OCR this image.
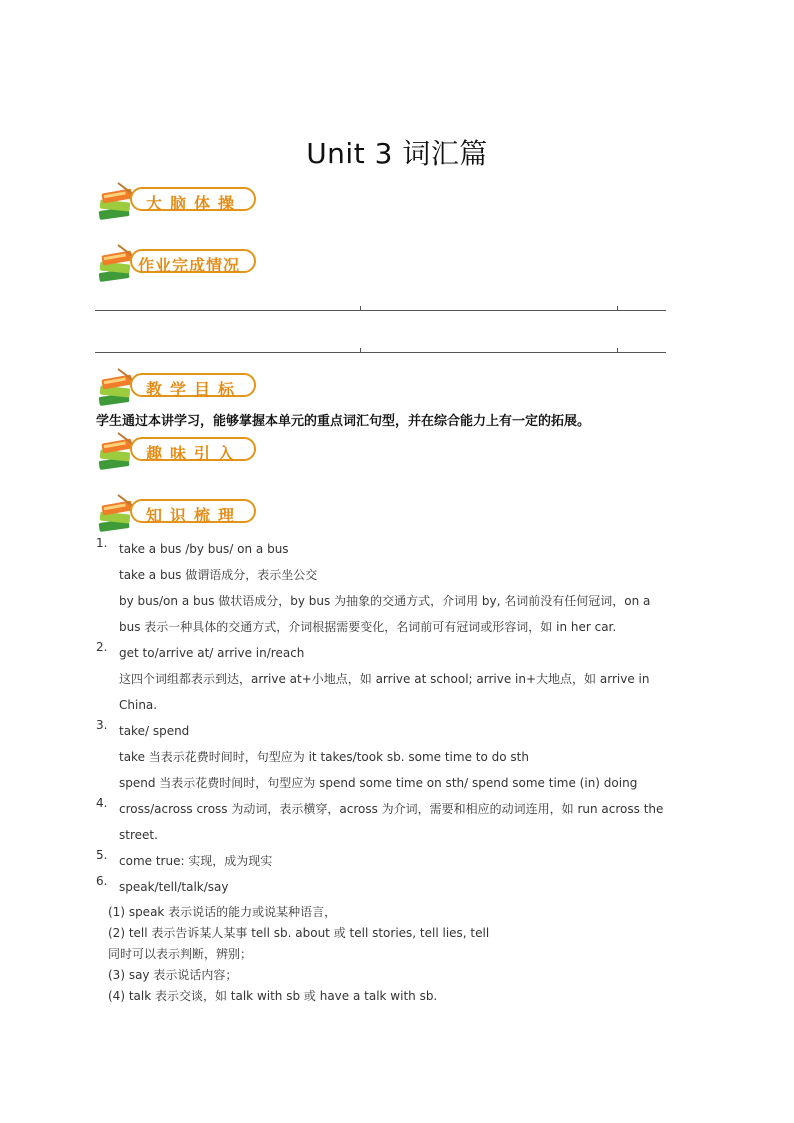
Unit 3 词汇篇
大脑体操
作业完成情况
教学目标
学生通过本讲学习，能够掌握本单元的重点词汇句型，并在综合能力上有一定的拓展。
趣味引入
知识梳理
1. take a bus /by bus/ on a bus
take a bus 做谓语成分，表示坐公交
by bus/on a bus 做状语成分，by bus 为抽象的交通方式，介词用 by, 名词前没有任何冠词，on a
bus 表示一种具体的交通方式，介词根据需要变化，名词前可有冠词或形容词，如 in her car.
2. get to/arrive at/ arrive in/reach
这四个词组都表示到达，arrive at+小地点，如 arrive at school; arrive in+大地点，如 arrive in
China.
3. take/ spend
take 当表示花费时间时，句型应为 it takes/took sb. some time to do sth
spend 当表示花费时间时，句型应为 spend some time on sth/ spend some time (in) doing
4. cross/across cross 为动词，表示横穿，across 为介词，需要和相应的动词连用，如 run across the
street.
5. come true: 实现，成为现实
6. speak/tell/talk/say
(1) speak 表示说话的能力或说某种语言，
(2) tell 表示告诉某人某事 tell sb. about 或 tell stories, tell lies, tell
同时可以表示判断，辨别；
(3) say 表示说话内容；
(4) talk 表示交谈，如 talk with sb 或 have a talk with sb.
